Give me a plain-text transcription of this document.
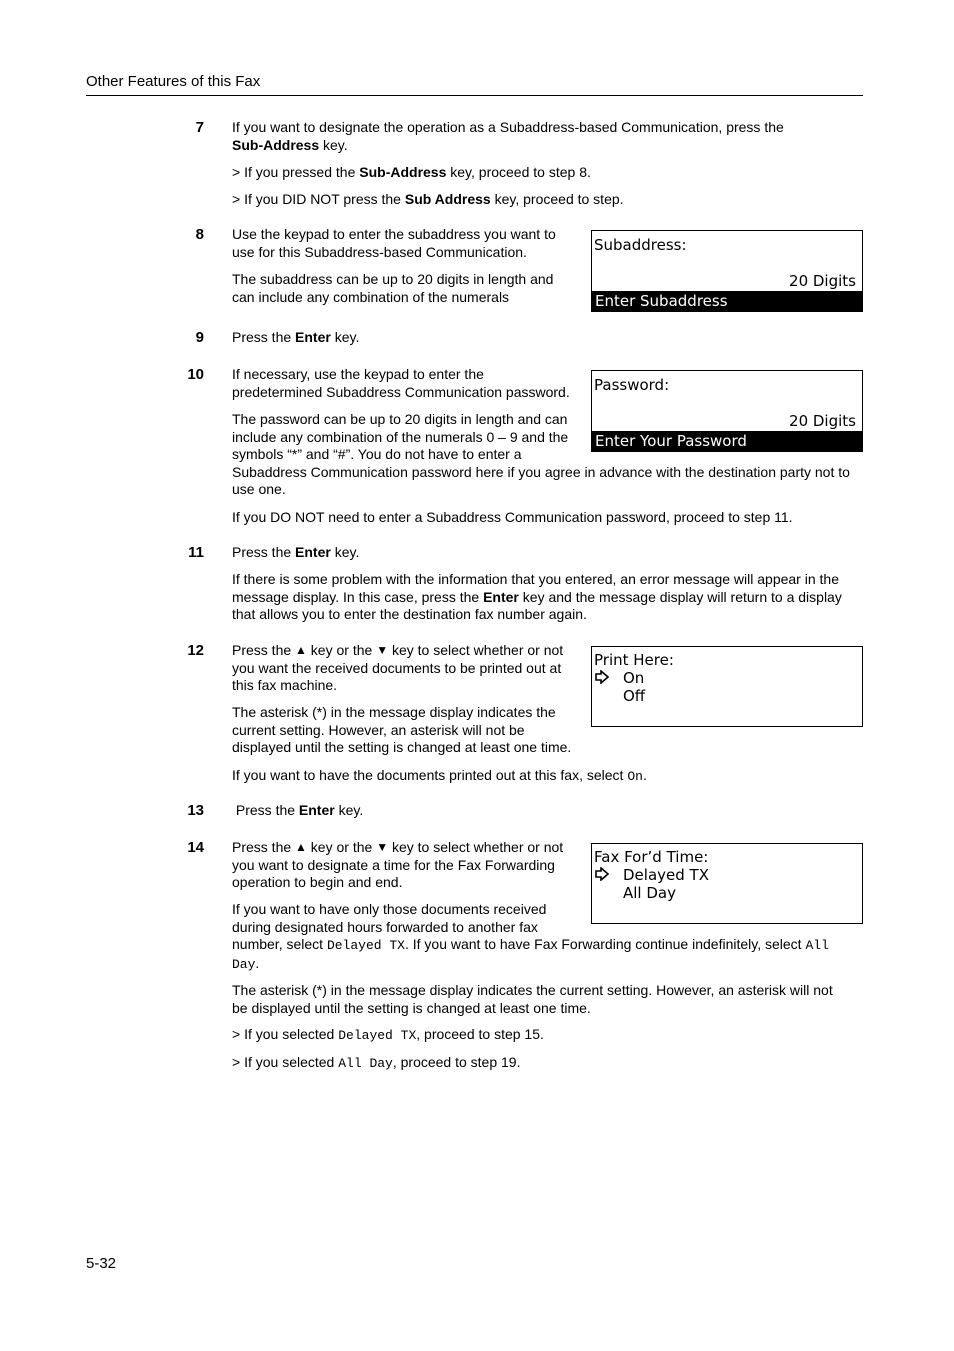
Other Features of this Fax
7 If you want to designate the operation as a Subaddress-based Communication, press the
Sub-Address key.
> If you pressed the Sub-Address key, proceed to step 8.
> If you DID NOT press the Sub Address key, proceed to step.
8 Use the keypad to enter the subaddress you want to
use for this Subaddress-based Communication.
The subaddress can be up to 20 digits in length and
can include any combination of the numerals
Subaddress:
20 Digits
Enter Subaddress
9 Press the Enter key.
10 If necessary, use the keypad to enter the
predetermined Subaddress Communication password.
The password can be up to 20 digits in length and can
include any combination of the numerals 0 – 9 and the
symbols “*” and “#”. You do not have to enter a
Subaddress Communication password here if you agree in advance with the destination party not to
use one.
If you DO NOT need to enter a Subaddress Communication password, proceed to step 11.
Password:
20 Digits
Enter Your Password
11 Press the Enter key.
If there is some problem with the information that you entered, an error message will appear in the
message display. In this case, press the Enter key and the message display will return to a display
that allows you to enter the destination fax number again.
12 Press the ▲ key or the ▼ key to select whether or not
you want the received documents to be printed out at
this fax machine.
The asterisk (*) in the message display indicates the
current setting. However, an asterisk will not be
displayed until the setting is changed at least one time.
If you want to have the documents printed out at this fax, select On.
Print Here:
On
Off
13 Press the Enter key.
14 Press the ▲ key or the ▼ key to select whether or not
you want to designate a time for the Fax Forwarding
operation to begin and end.
If you want to have only those documents received
during designated hours forwarded to another fax
number, select Delayed TX. If you want to have Fax Forwarding continue indefinitely, select All
Day.
The asterisk (*) in the message display indicates the current setting. However, an asterisk will not
be displayed until the setting is changed at least one time.
> If you selected Delayed TX, proceed to step 15.
> If you selected All Day, proceed to step 19.
Fax For’d Time:
Delayed TX
All Day
5-32
